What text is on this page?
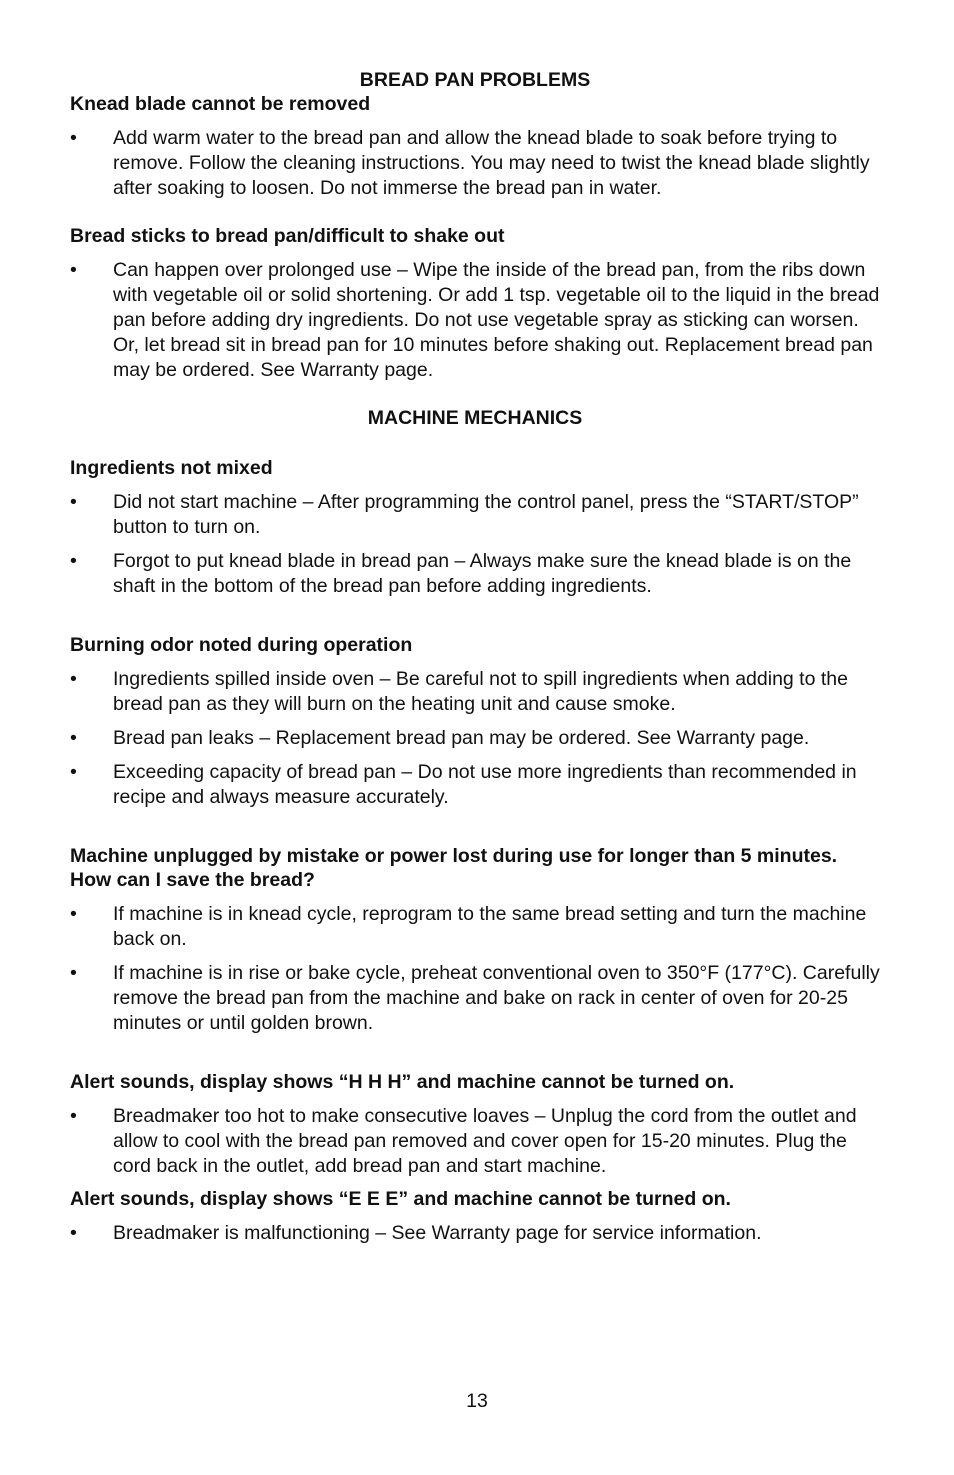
BREAD PAN PROBLEMS
Knead blade cannot be removed
• Add warm water to the bread pan and allow the knead blade to soak before trying to remove. Follow the cleaning instructions. You may need to twist the knead blade slightly after soaking to loosen. Do not immerse the bread pan in water.
Bread sticks to bread pan/difficult to shake out
• Can happen over prolonged use – Wipe the inside of the bread pan, from the ribs down with vegetable oil or solid shortening. Or add 1 tsp. vegetable oil to the liquid in the bread pan before adding dry ingredients. Do not use vegetable spray as sticking can worsen. Or, let bread sit in bread pan for 10 minutes before shaking out. Replacement bread pan may be ordered. See Warranty page.
MACHINE MECHANICS
Ingredients not mixed
• Did not start machine – After programming the control panel, press the “START/STOP” button to turn on.
• Forgot to put knead blade in bread pan – Always make sure the knead blade is on the shaft in the bottom of the bread pan before adding ingredients.
Burning odor noted during operation
• Ingredients spilled inside oven – Be careful not to spill ingredients when adding to the bread pan as they will burn on the heating unit and cause smoke.
• Bread pan leaks – Replacement bread pan may be ordered. See Warranty page.
• Exceeding capacity of bread pan – Do not use more ingredients than recommended in recipe and always measure accurately.
Machine unplugged by mistake or power lost during use for longer than 5 minutes. How can I save the bread?
• If machine is in knead cycle, reprogram to the same bread setting and turn the machine back on.
• If machine is in rise or bake cycle, preheat conventional oven to 350°F (177°C). Carefully remove the bread pan from the machine and bake on rack in center of oven for 20-25 minutes or until golden brown.
Alert sounds, display shows “H H H” and machine cannot be turned on.
• Breadmaker too hot to make consecutive loaves – Unplug the cord from the outlet and allow to cool with the bread pan removed and cover open for 15-20 minutes. Plug the cord back in the outlet, add bread pan and start machine.
Alert sounds, display shows “E E E” and machine cannot be turned on.
• Breadmaker is malfunctioning – See Warranty page for service information.
13
